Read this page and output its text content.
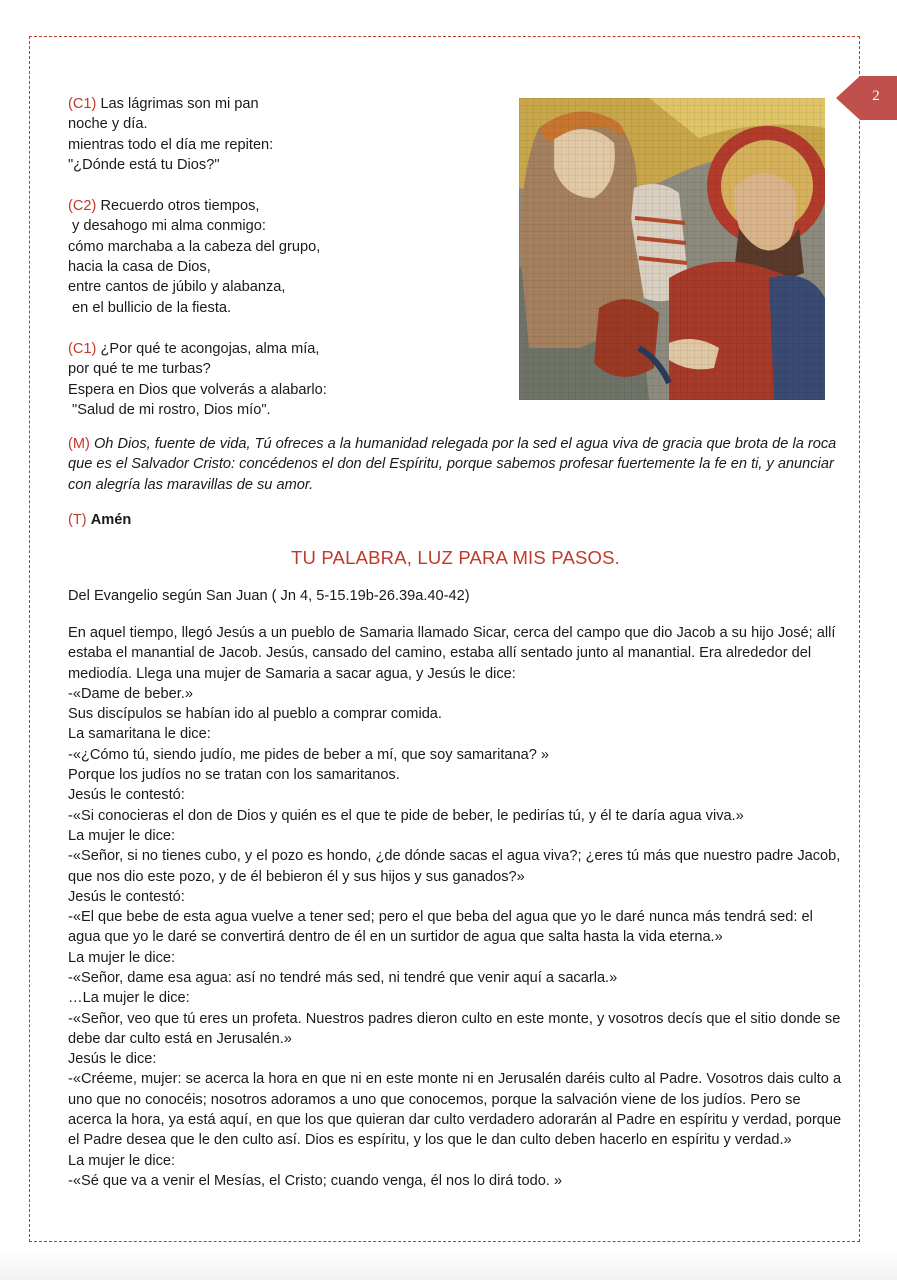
2

(C1) Las lágrimas son mi pan

noche y día.

mientras todo el día me repiten:

"¿Dónde está tu Dios?"

(C2) Recuerdo otros tiempos,

y desahogo mi alma conmigo:

cómo marchaba a la cabeza del grupo,

hacia la casa de Dios,

entre cantos de júbilo y alabanza,

en el bullicio de la fiesta.

(C1) ¿Por qué te acongojas, alma mía,

por qué te me turbas?

Espera en Dios que volverás a alabarlo:

"Salud de mi rostro, Dios mío".

(M) Oh Dios, fuente de vida, Tú ofreces a la humanidad relegada por la sed el agua viva de gracia que brota de la roca que es el Salvador Cristo: concédenos el don del Espíritu, porque sabemos profesar fuertemente la fe en ti, y anunciar con alegría las maravillas de su amor.

(T) Amén

TU PALABRA, LUZ PARA MIS PASOS.

Del Evangelio según San Juan ( Jn 4, 5-15.19b-26.39a.40-42)

En aquel tiempo, llegó Jesús a un pueblo de Samaria llamado Sicar, cerca del campo que dio Jacob a su hijo José; allí estaba el manantial de Jacob. Jesús, cansado del camino, estaba allí sentado junto al manantial. Era alrededor del mediodía. Llega una mujer de Samaria a sacar agua, y Jesús le dice:

-«Dame de beber.»

Sus discípulos se habían ido al pueblo a comprar comida.

La samaritana le dice:

-«¿Cómo tú, siendo judío, me pides de beber a mí, que soy samaritana? »

Porque los judíos no se tratan con los samaritanos.

Jesús le contestó:

-«Si conocieras el don de Dios y quién es el que te pide de beber, le pedirías tú, y él te daría agua viva.»

La mujer le dice:

-«Señor, si no tienes cubo, y el pozo es hondo, ¿de dónde sacas el agua viva?; ¿eres tú más que nuestro padre Jacob, que nos dio este pozo, y de él bebieron él y sus hijos y sus ganados?»

Jesús le contestó:

-«El que bebe de esta agua vuelve a tener sed; pero el que beba del agua que yo le daré nunca más tendrá sed: el agua que yo le daré se convertirá dentro de él en un surtidor de agua que salta hasta la vida eterna.»

La mujer le dice:

-«Señor, dame esa agua: así no tendré más sed, ni tendré que venir aquí a sacarla.»

…La mujer le dice:

-«Señor, veo que tú eres un profeta. Nuestros padres dieron culto en este monte, y vosotros decís que el sitio donde se debe dar culto está en Jerusalén.»

Jesús le dice:

-«Créeme, mujer: se acerca la hora en que ni en este monte ni en Jerusalén daréis culto al Padre. Vosotros dais culto a uno que no conocéis; nosotros adoramos a uno que conocemos, porque la salvación viene de los judíos. Pero se acerca la hora, ya está aquí, en que los que quieran dar culto verdadero adorarán al Padre en espíritu y verdad, porque el Padre desea que le den culto así. Dios es espíritu, y los que le dan culto deben hacerlo en espíritu y verdad.»

La mujer le dice:

-«Sé que va a venir el Mesías, el Cristo; cuando venga, él nos lo dirá todo. »
